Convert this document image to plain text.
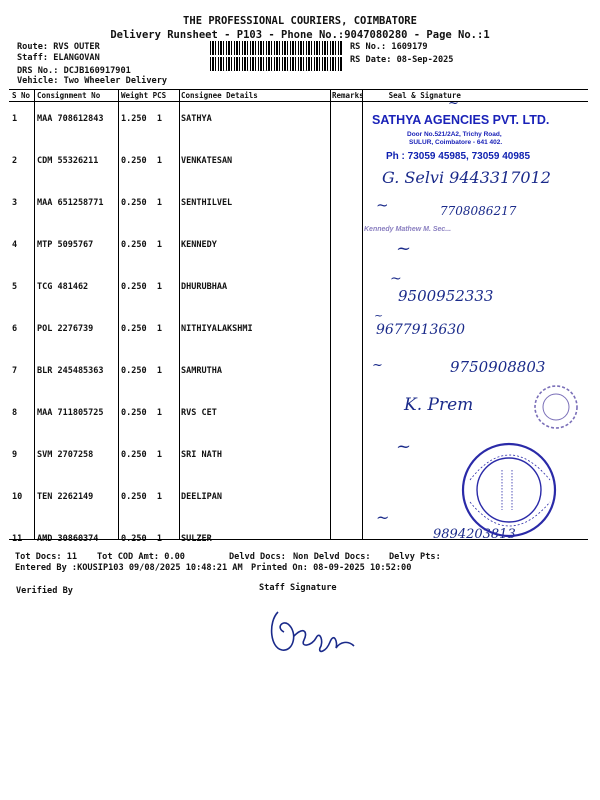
THE PROFESSIONAL COURIERS, COIMBATORE
Delivery Runsheet - P103 - Phone No.:9047080280 - Page No.:1
Route: RVS OUTER
Staff: ELANGOVAN
DRS No.: DCJB160917901
Vehicle: Two Wheeler Delivery
RS No.: 1609179
RS Date: 08-Sep-2025
S No	Consignment No	Weight PCS	Consignee Details	Remarks	Seal & Signature
1	MAA 708612843	1.250 1	SATHYA		
2	CDM 55326211	0.250 1	VENKATESAN		
3	MAA 651258771	0.250 1	SENTHILVEL		
4	MTP 5095767	0.250 1	KENNEDY		
5	TCG 481462	0.250 1	DHURUBHAA		
6	POL 2276739	0.250 1	NITHIYALAKSHMI		
7	BLR 245485363	0.250 1	SAMRUTHA		
8	MAA 711805725	0.250 1	RVS CET		
9	SVM 2707258	0.250 1	SRI NATH		
10	TEN 2262149	0.250 1	DEELIPAN		
11	AMD 30860374	0.250 1	SULZER		
SATHYA AGENCIES PVT. LTD.
Door No.521/2A2, Trichy Road,
SULUR, Coimbatore - 641 402.
Ph : 73059 45985, 73059 40985
~
G. Selvi 9443317012
~	7708086217
Kennedy Mathew M. Sec...
~
~
9500952333
~
9677913630
~	9750908803
K. Prem
~
~
9894203813
Tot Docs: 11 Tot COD Amt: 0.00	Delvd Docs: Non Delvd Docs: Delvy Pts:
Entered By :KOUSIP103 09/08/2025 10:48:21 AM Printed On: 08-09-2025 10:52:00
Verified By	Staff Signature
